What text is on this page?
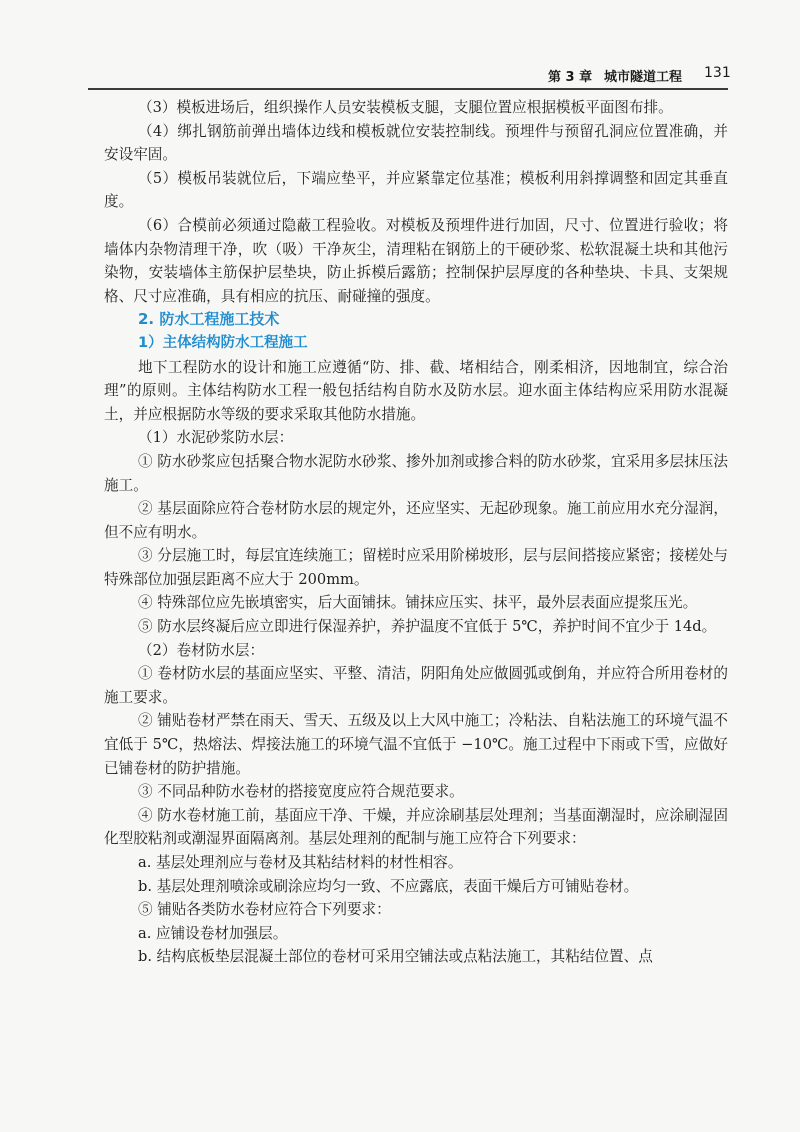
第 3 章 城市隧道工程 131

（3）模板进场后，组织操作人员安装模板支腿，支腿位置应根据模板平面图布排。

（4）绑扎钢筋前弹出墙体边线和模板就位安装控制线。预埋件与预留孔洞应位置准确，并安设牢固。

（5）模板吊装就位后，下端应垫平，并应紧靠定位基准；模板利用斜撑调整和固定其垂直度。

（6）合模前必须通过隐蔽工程验收。对模板及预埋件进行加固，尺寸、位置进行验收；将墙体内杂物清理干净，吹（吸）干净灰尘，清理粘在钢筋上的干硬砂浆、松软混凝土块和其他污染物，安装墙体主筋保护层垫块，防止拆模后露筋；控制保护层厚度的各种垫块、卡具、支架规格、尺寸应准确，具有相应的抗压、耐碰撞的强度。

2. 防水工程施工技术
1）主体结构防水工程施工

地下工程防水的设计和施工应遵循“防、排、截、堵相结合，刚柔相济，因地制宜，综合治理”的原则。主体结构防水工程一般包括结构自防水及防水层。迎水面主体结构应采用防水混凝土，并应根据防水等级的要求采取其他防水措施。

（1）水泥砂浆防水层：

① 防水砂浆应包括聚合物水泥防水砂浆、掺外加剂或掺合料的防水砂浆，宜采用多层抹压法施工。

② 基层面除应符合卷材防水层的规定外，还应坚实、无起砂现象。施工前应用水充分湿润，但不应有明水。

③ 分层施工时，每层宜连续施工；留槎时应采用阶梯坡形，层与层间搭接应紧密；接槎处与特殊部位加强层距离不应大于 200mm。

④ 特殊部位应先嵌填密实，后大面铺抹。铺抹应压实、抹平，最外层表面应提浆压光。

⑤ 防水层终凝后应立即进行保湿养护，养护温度不宜低于 5℃，养护时间不宜少于 14d。

（2）卷材防水层：

① 卷材防水层的基面应坚实、平整、清洁，阴阳角处应做圆弧或倒角，并应符合所用卷材的施工要求。

② 铺贴卷材严禁在雨天、雪天、五级及以上大风中施工；冷粘法、自粘法施工的环境气温不宜低于 5℃，热熔法、焊接法施工的环境气温不宜低于 −10℃。施工过程中下雨或下雪，应做好已铺卷材的防护措施。

③ 不同品种防水卷材的搭接宽度应符合规范要求。

④ 防水卷材施工前，基面应干净、干燥，并应涂刷基层处理剂；当基面潮湿时，应涂刷湿固化型胶粘剂或潮湿界面隔离剂。基层处理剂的配制与施工应符合下列要求：

a. 基层处理剂应与卷材及其粘结材料的材性相容。

b. 基层处理剂喷涂或刷涂应均匀一致、不应露底，表面干燥后方可铺贴卷材。

⑤ 铺贴各类防水卷材应符合下列要求：

a. 应铺设卷材加强层。

b. 结构底板垫层混凝土部位的卷材可采用空铺法或点粘法施工，其粘结位置、点
